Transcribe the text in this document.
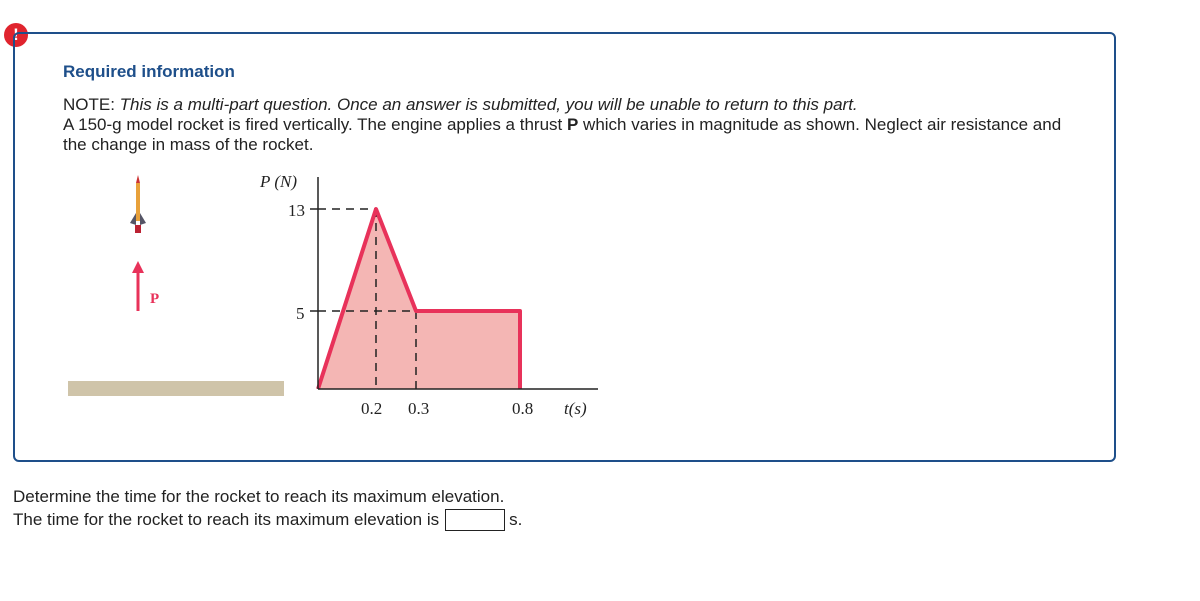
!
Required information
NOTE: This is a multi-part question. Once an answer is submitted, you will be unable to return to this part.
A 150-g model rocket is fired vertically. The engine applies a thrust P which varies in magnitude as shown. Neglect air resistance and the change in mass of the rocket.
P
P (N)
13
5
0.2 0.3	0.8 t(s)
Determine the time for the rocket to reach its maximum elevation.
The time for the rocket to reach its maximum elevation is	s.
